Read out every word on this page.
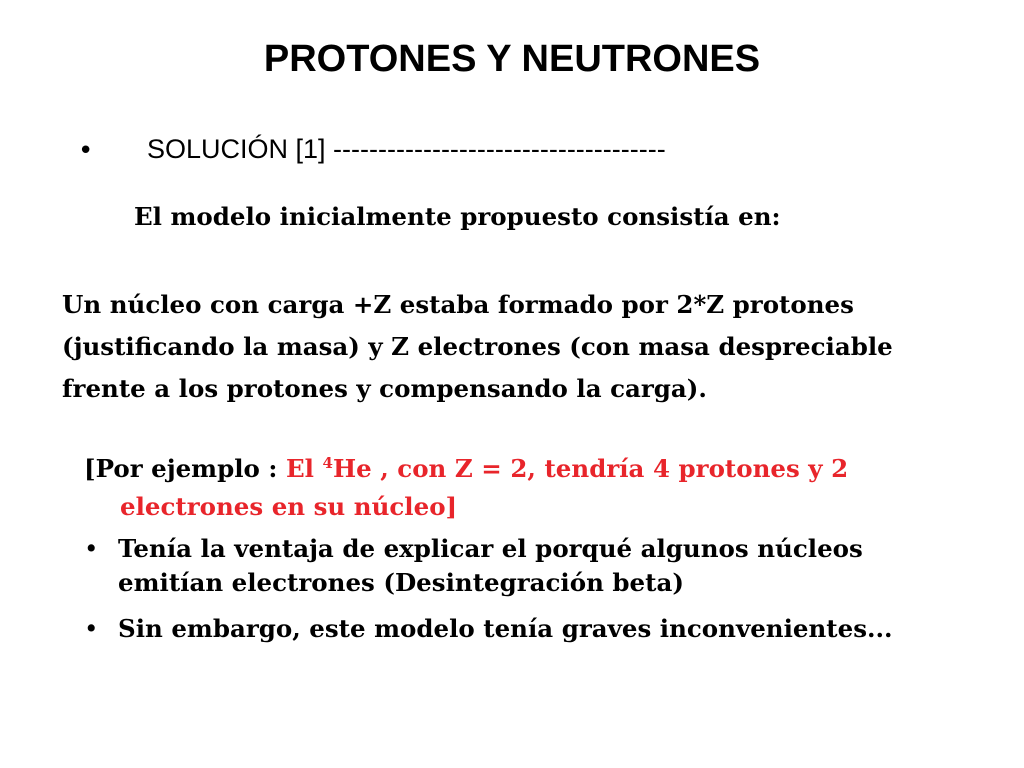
PROTONES Y NEUTRONES
• SOLUCIÓN [1] -------------------------------------
El modelo inicialmente propuesto consistía en:
Un núcleo con carga +Z estaba formado por 2*Z protones
(justificando la masa) y Z electrones (con masa despreciable
frente a los protones y compensando la carga).
[Por ejemplo : El $^4$He , con Z = 2, tendría 4 protones y 2
electrones en su núcleo]
• Tenía la ventaja de explicar el porqué algunos núcleos
emitían electrones (Desintegración beta)
• Sin embargo, este modelo tenía graves inconvenientes...
